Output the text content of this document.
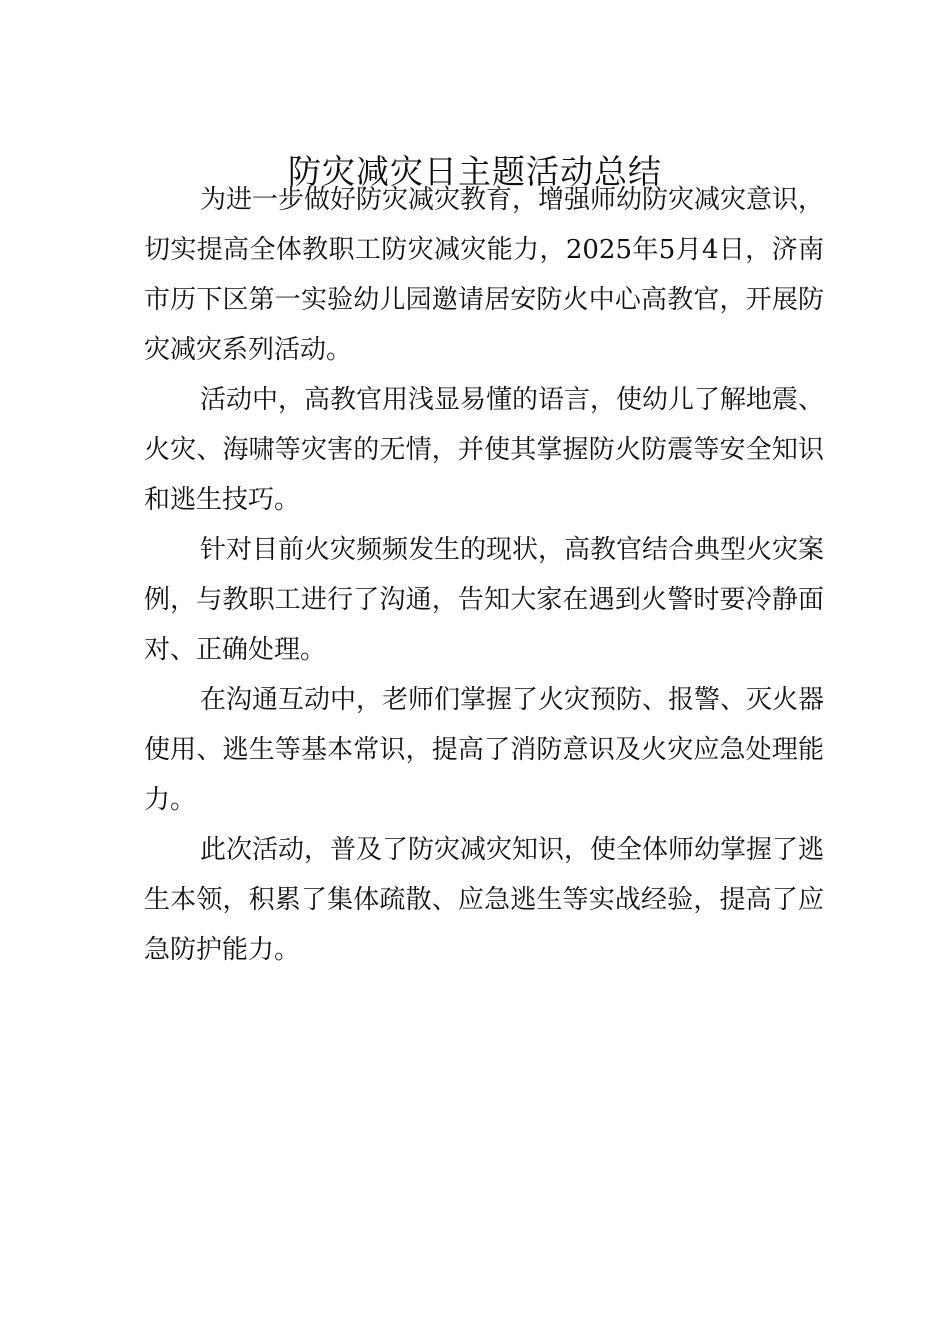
防灾减灾日主题活动总结

为进一步做好防灾减灾教育，增强师幼防灾减灾意识，切实提高全体教职工防灾减灾能力，2025年5月4日，济南市历下区第一实验幼儿园邀请居安防火中心高教官，开展防灾减灾系列活动。

活动中，高教官用浅显易懂的语言，使幼儿了解地震、火灾、海啸等灾害的无情，并使其掌握防火防震等安全知识和逃生技巧。

针对目前火灾频频发生的现状，高教官结合典型火灾案例，与教职工进行了沟通，告知大家在遇到火警时要冷静面对、正确处理。

在沟通互动中，老师们掌握了火灾预防、报警、灭火器使用、逃生等基本常识，提高了消防意识及火灾应急处理能力。

此次活动，普及了防灾减灾知识，使全体师幼掌握了逃生本领，积累了集体疏散、应急逃生等实战经验，提高了应急防护能力。
